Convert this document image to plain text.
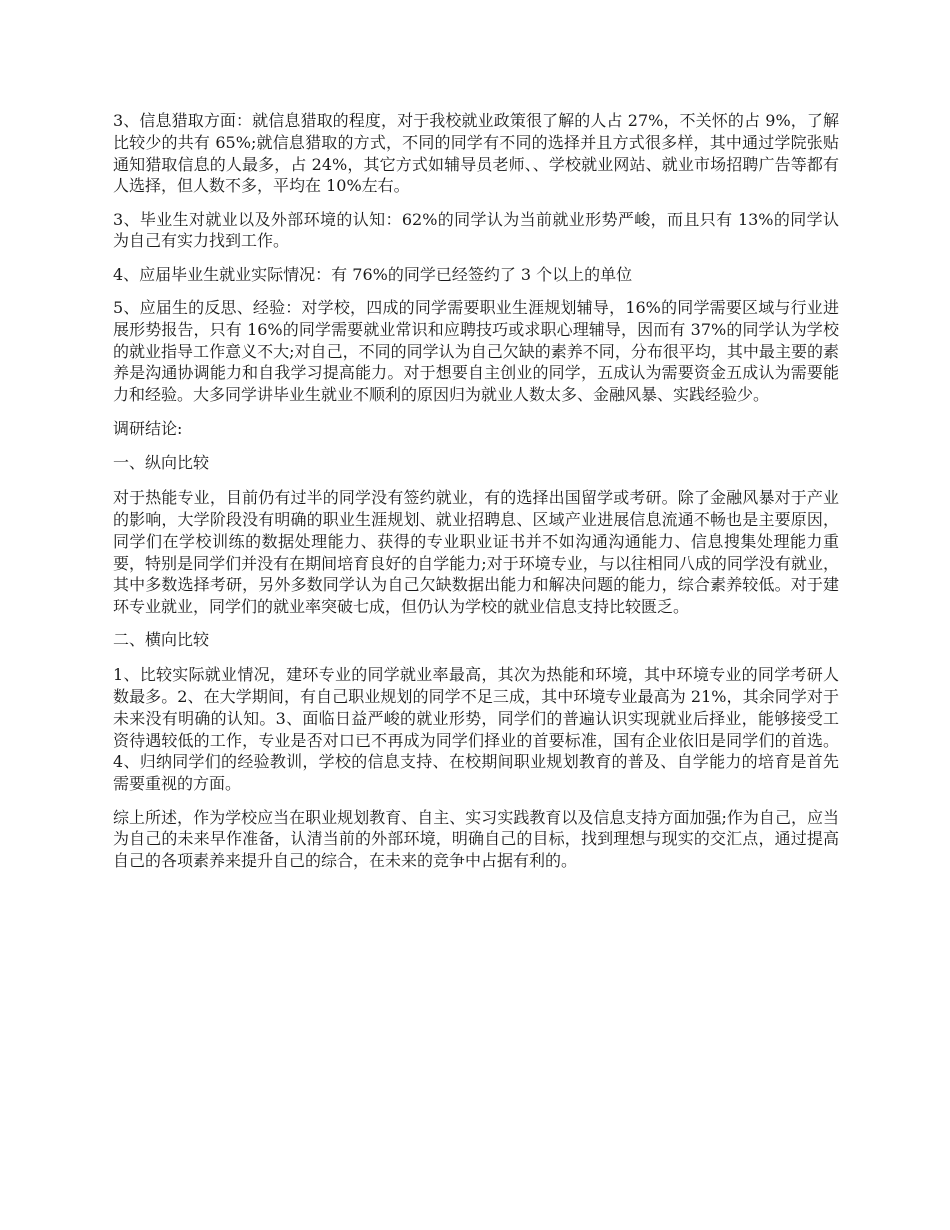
3、信息猎取方面：就信息猎取的程度，对于我校就业政策很了解的人占 27%，不关怀的占 9%，了解比较少的共有 65%;就信息猎取的方式，不同的同学有不同的选择并且方式很多样，其中通过学院张贴通知猎取信息的人最多，占 24%，其它方式如辅导员老师、、学校就业网站、就业市场招聘广告等都有人选择，但人数不多，平均在 10%左右。

3、毕业生对就业以及外部环境的认知：62%的同学认为当前就业形势严峻，而且只有 13%的同学认为自己有实力找到工作。

4、应届毕业生就业实际情况：有 76%的同学已经签约了 3 个以上的单位

5、应届生的反思、经验：对学校，四成的同学需要职业生涯规划辅导，16%的同学需要区域与行业进展形势报告，只有 16%的同学需要就业常识和应聘技巧或求职心理辅导，因而有 37%的同学认为学校的就业指导工作意义不大;对自己，不同的同学认为自己欠缺的素养不同，分布很平均，其中最主要的素养是沟通协调能力和自我学习提高能力。对于想要自主创业的同学，五成认为需要资金五成认为需要能力和经验。大多同学讲毕业生就业不顺利的原因归为就业人数太多、金融风暴、实践经验少。

调研结论:

一、纵向比较

对于热能专业，目前仍有过半的同学没有签约就业，有的选择出国留学或考研。除了金融风暴对于产业的影响，大学阶段没有明确的职业生涯规划、就业招聘息、区域产业进展信息流通不畅也是主要原因，同学们在学校训练的数据处理能力、获得的专业职业证书并不如沟通沟通能力、信息搜集处理能力重要，特别是同学们并没有在期间培育良好的自学能力;对于环境专业，与以往相同八成的同学没有就业，其中多数选择考研，另外多数同学认为自己欠缺数据出能力和解决问题的能力，综合素养较低。对于建环专业就业，同学们的就业率突破七成，但仍认为学校的就业信息支持比较匮乏。

二、横向比较

1、比较实际就业情况，建环专业的同学就业率最高，其次为热能和环境，其中环境专业的同学考研人数最多。2、在大学期间，有自己职业规划的同学不足三成，其中环境专业最高为 21%，其余同学对于未来没有明确的认知。3、面临日益严峻的就业形势，同学们的普遍认识实现就业后择业，能够接受工资待遇较低的工作，专业是否对口已不再成为同学们择业的首要标准，国有企业依旧是同学们的首选。4、归纳同学们的经验教训，学校的信息支持、在校期间职业规划教育的普及、自学能力的培育是首先需要重视的方面。

综上所述，作为学校应当在职业规划教育、自主、实习实践教育以及信息支持方面加强;作为自己，应当为自己的未来早作准备，认清当前的外部环境，明确自己的目标，找到理想与现实的交汇点，通过提高自己的各项素养来提升自己的综合，在未来的竞争中占据有利的。
